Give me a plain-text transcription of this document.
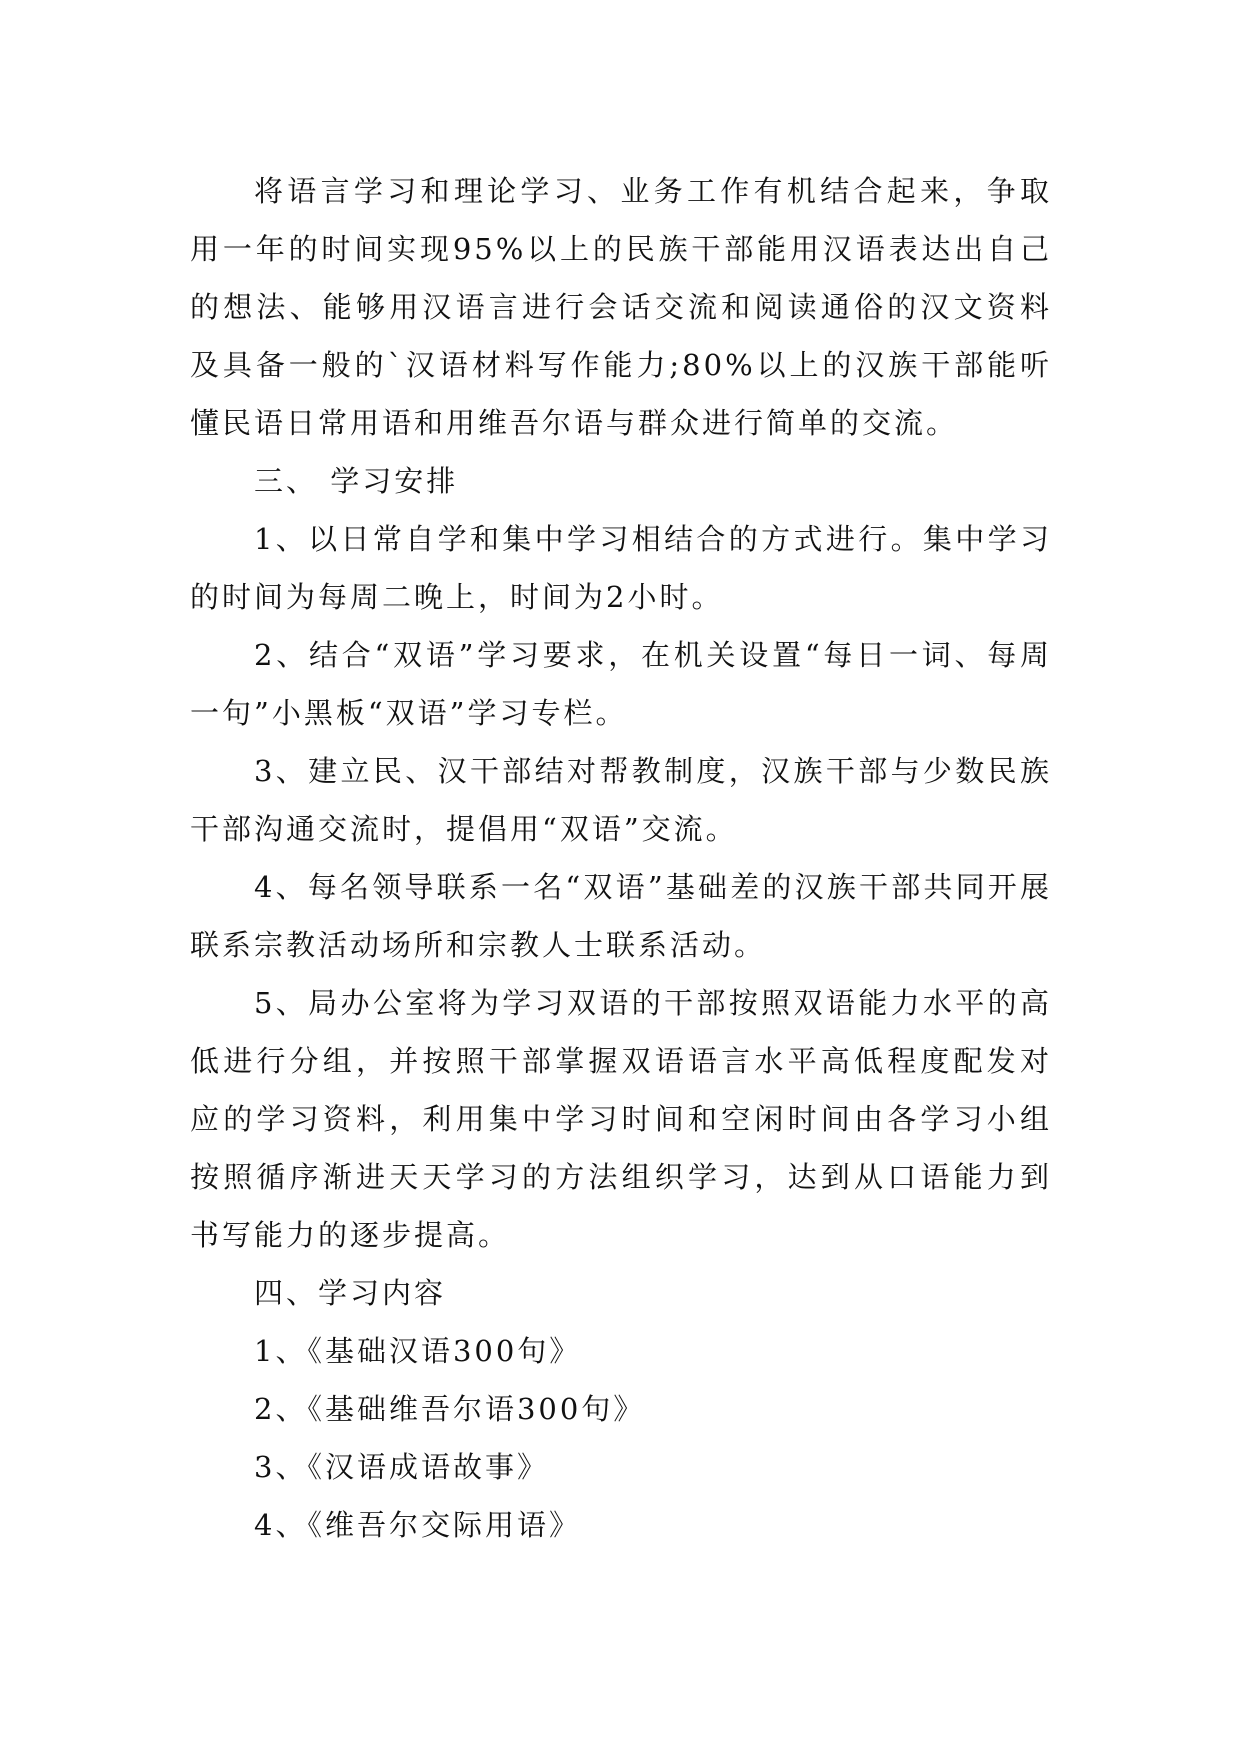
将语言学习和理论学习、业务工作有机结合起来，争取用一年的时间实现95%以上的民族干部能用汉语表达出自己的想法、能够用汉语言进行会话交流和阅读通俗的汉文资料及具备一般的`汉语材料写作能力;80%以上的汉族干部能听懂民语日常用语和用维吾尔语与群众进行简单的交流。

三、 学习安排

1、以日常自学和集中学习相结合的方式进行。集中学习的时间为每周二晚上，时间为2小时。

2、结合“双语”学习要求，在机关设置“每日一词、每周一句”小黑板“双语”学习专栏。

3、建立民、汉干部结对帮教制度，汉族干部与少数民族干部沟通交流时，提倡用“双语”交流。

4、每名领导联系一名“双语”基础差的汉族干部共同开展联系宗教活动场所和宗教人士联系活动。

5、局办公室将为学习双语的干部按照双语能力水平的高低进行分组，并按照干部掌握双语语言水平高低程度配发对应的学习资料，利用集中学习时间和空闲时间由各学习小组按照循序渐进天天学习的方法组织学习，达到从口语能力到书写能力的逐步提高。

四、学习内容

1、《基础汉语300句》

2、《基础维吾尔语300句》

3、《汉语成语故事》

4、《维吾尔交际用语》
